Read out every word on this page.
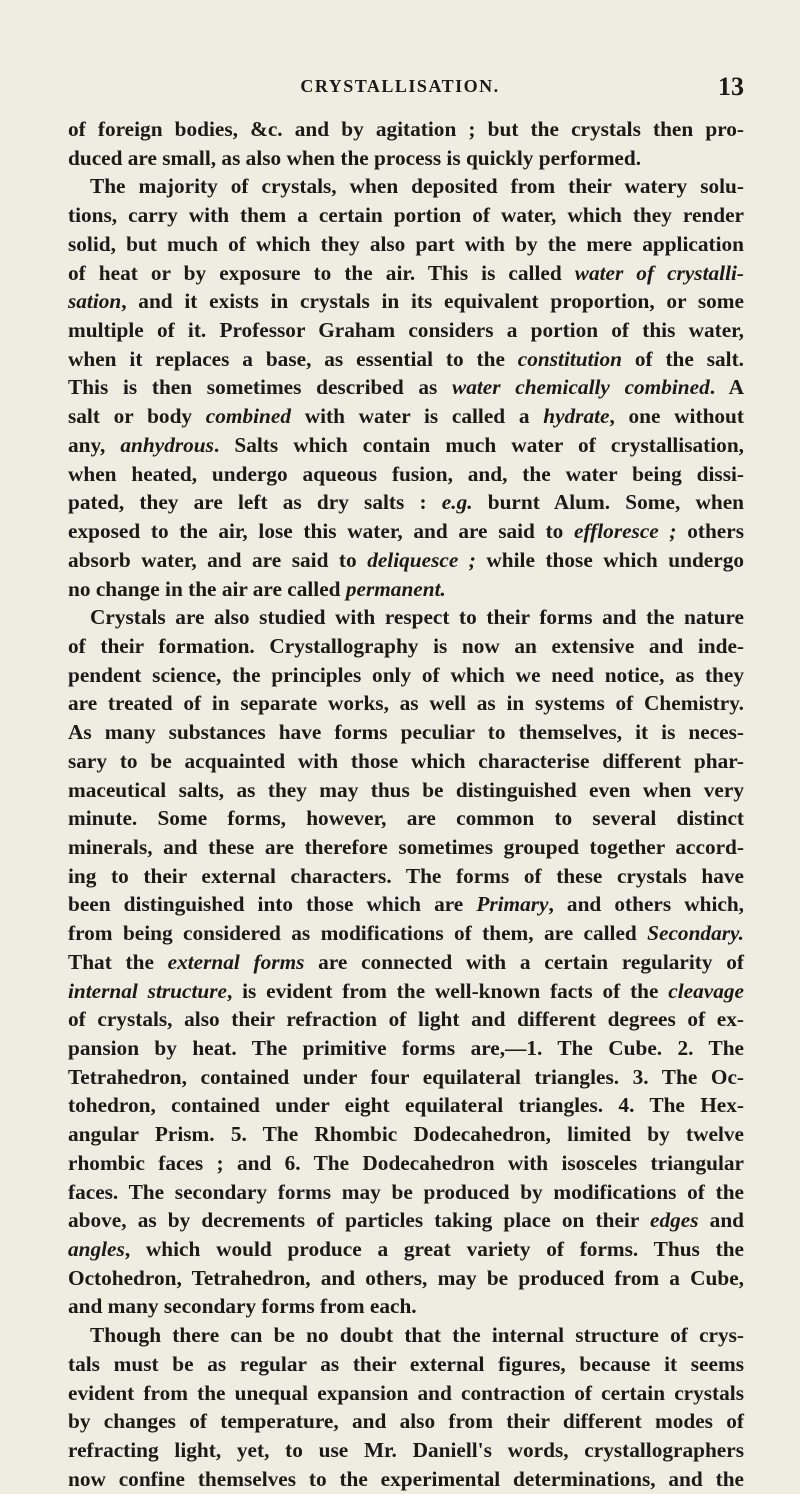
CRYSTALLISATION.	13
of foreign bodies, &c. and by agitation ; but the crystals then pro-
duced are small, as also when the process is quickly performed.
The majority of crystals, when deposited from their watery solu-
tions, carry with them a certain portion of water, which they render
solid, but much of which they also part with by the mere application
of heat or by exposure to the air. This is called water of crystalli-
sation, and it exists in crystals in its equivalent proportion, or some
multiple of it. Professor Graham considers a portion of this water,
when it replaces a base, as essential to the constitution of the salt.
This is then sometimes described as water chemically combined. A
salt or body combined with water is called a hydrate, one without
any, anhydrous. Salts which contain much water of crystallisation,
when heated, undergo aqueous fusion, and, the water being dissi-
pated, they are left as dry salts : e.g. burnt Alum. Some, when
exposed to the air, lose this water, and are said to effloresce ; others
absorb water, and are said to deliquesce ; while those which undergo
no change in the air are called permanent.
Crystals are also studied with respect to their forms and the nature
of their formation. Crystallography is now an extensive and inde-
pendent science, the principles only of which we need notice, as they
are treated of in separate works, as well as in systems of Chemistry.
As many substances have forms peculiar to themselves, it is neces-
sary to be acquainted with those which characterise different phar-
maceutical salts, as they may thus be distinguished even when very
minute. Some forms, however, are common to several distinct
minerals, and these are therefore sometimes grouped together accord-
ing to their external characters. The forms of these crystals have
been distinguished into those which are Primary, and others which,
from being considered as modifications of them, are called Secondary.
That the external forms are connected with a certain regularity of
internal structure, is evident from the well-known facts of the cleavage
of crystals, also their refraction of light and different degrees of ex-
pansion by heat. The primitive forms are,—1. The Cube. 2. The
Tetrahedron, contained under four equilateral triangles. 3. The Oc-
tohedron, contained under eight equilateral triangles. 4. The Hex-
angular Prism. 5. The Rhombic Dodecahedron, limited by twelve
rhombic faces ; and 6. The Dodecahedron with isosceles triangular
faces. The secondary forms may be produced by modifications of the
above, as by decrements of particles taking place on their edges and
angles, which would produce a great variety of forms. Thus the
Octohedron, Tetrahedron, and others, may be produced from a Cube,
and many secondary forms from each.
Though there can be no doubt that the internal structure of crys-
tals must be as regular as their external figures, because it seems
evident from the unequal expansion and contraction of certain crystals
by changes of temperature, and also from their different modes of
refracting light, yet, to use Mr. Daniell's words, crystallographers
now confine themselves to the experimental determinations, and the
